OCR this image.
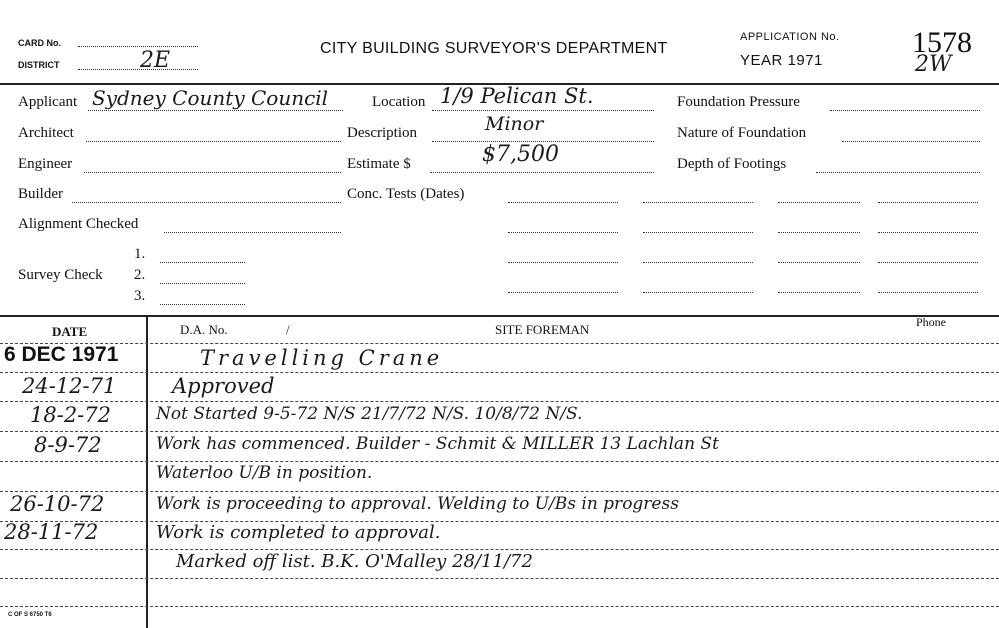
CARD No.
DISTRICT	2E	CITY BUILDING SURVEYOR'S DEPARTMENT
APPLICATION No.
YEAR 1971
1578
2W
Applicant Sydney County Council	Location 1/9 Pelican St.	Foundation Pressure
Architect	Description	Minor	Nature of Foundation
Engineer	Estimate $	$7,500	Depth of Footings
Builder	Conc. Tests (Dates)
Alignment Checked
Survey Check
1.
2.
3.
DATE	D.A. No.	/	SITE FOREMAN	Phone
6 DEC 1971	Travelling Crane
24-12-71	Approved
18-2-72	Not Started 9-5-72 N/S 21/7/72 N/S. 10/8/72 N/S.
8-9-72	Work has commenced. Builder - Schmit & MILLER 13 Lachlan St
Waterloo U/B in position.
26-10-72	Work is proceeding to approval. Welding to U/Bs in progress
28-11-72	Work is completed to approval.
Marked off list. B.K. O'Malley 28/11/72
C OF S 6750 T6
